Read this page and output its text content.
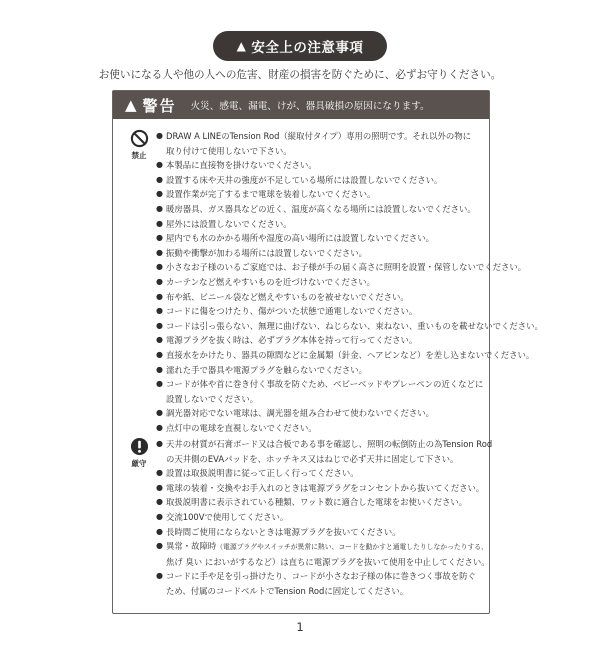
▲ 安全上の注意事項
お使いになる人や他の人への危害、財産の損害を防ぐために、必ずお守りください。
▲ 警告 火災、感電、漏電、けが、器具破損の原因になります。
禁止
● DRAW A LINEのTension Rod（縦取付タイプ）専用の照明です。それ以外の物に
取り付けて使用しないで下さい。
● 本製品に直接物を掛けないでください。
● 設置する床や天井の強度が不足している場所には設置しないでください。
● 設置作業が完了するまで電球を装着しないでください。
● 暖房器具、ガス器具などの近く、温度が高くなる場所には設置しないでください。
● 屋外には設置しないでください。
● 屋内でも水のかかる場所や湿度の高い場所には設置しないでください。
● 振動や衝撃が加わる場所には設置しないでください。
● 小さなお子様のいるご家庭では、お子様が手の届く高さに照明を設置・保管しないでください。
● カーテンなど燃えやすいものを近づけないでください。
● 布や紙、ビニール袋など燃えやすいものを被せないでください。
● コードに傷をつけたり、傷がついた状態で通電しないでください。
● コードは引っ張らない、無理に曲げない、ねじらない、束ねない、重いものを載せないでください。
● 電源プラグを抜く時は、必ずプラグ本体を持って行ってください。
● 直接水をかけたり、器具の隙間などに金属類（針金、ヘアピンなど）を差し込まないでください。
● 濡れた手で器具や電源プラグを触らないでください。
● コードが体や首に巻き付く事故を防ぐため、ベビーベッドやプレーペンの近くなどに
設置しないでください。
● 調光器対応でない電球は、調光器を組み合わせて使わないでください。
● 点灯中の電球を直視しないでください。
厳守
● 天井の材質が石膏ボード又は合板である事を確認し、照明の転倒防止の為Tension Rod
の天井側のEVAパッドを、ホッチキス又はねじで必ず天井に固定して下さい。
● 設置は取扱説明書に従って正しく行ってください。
● 電球の装着・交換やお手入れのときは電源プラグをコンセントから抜いてください。
● 取扱説明書に表示されている種類、ワット数に適合した電球をお使いください。
● 交流100Vで使用してください。
● 長時間ご使用にならないときは電源プラグを抜いてください。
● 異常・故障時（電源プラグやスイッチが異常に熱い、コードを動かすと通電したりしなかったりする、
焦げ 臭い においがするなど）は直ちに電源プラグを抜いて使用を中止してください。
● コードに手や足を引っ掛けたり、コードが小さなお子様の体に巻きつく事故を防ぐ
ため、付属のコードベルトでTension Rodに固定してください。
1
